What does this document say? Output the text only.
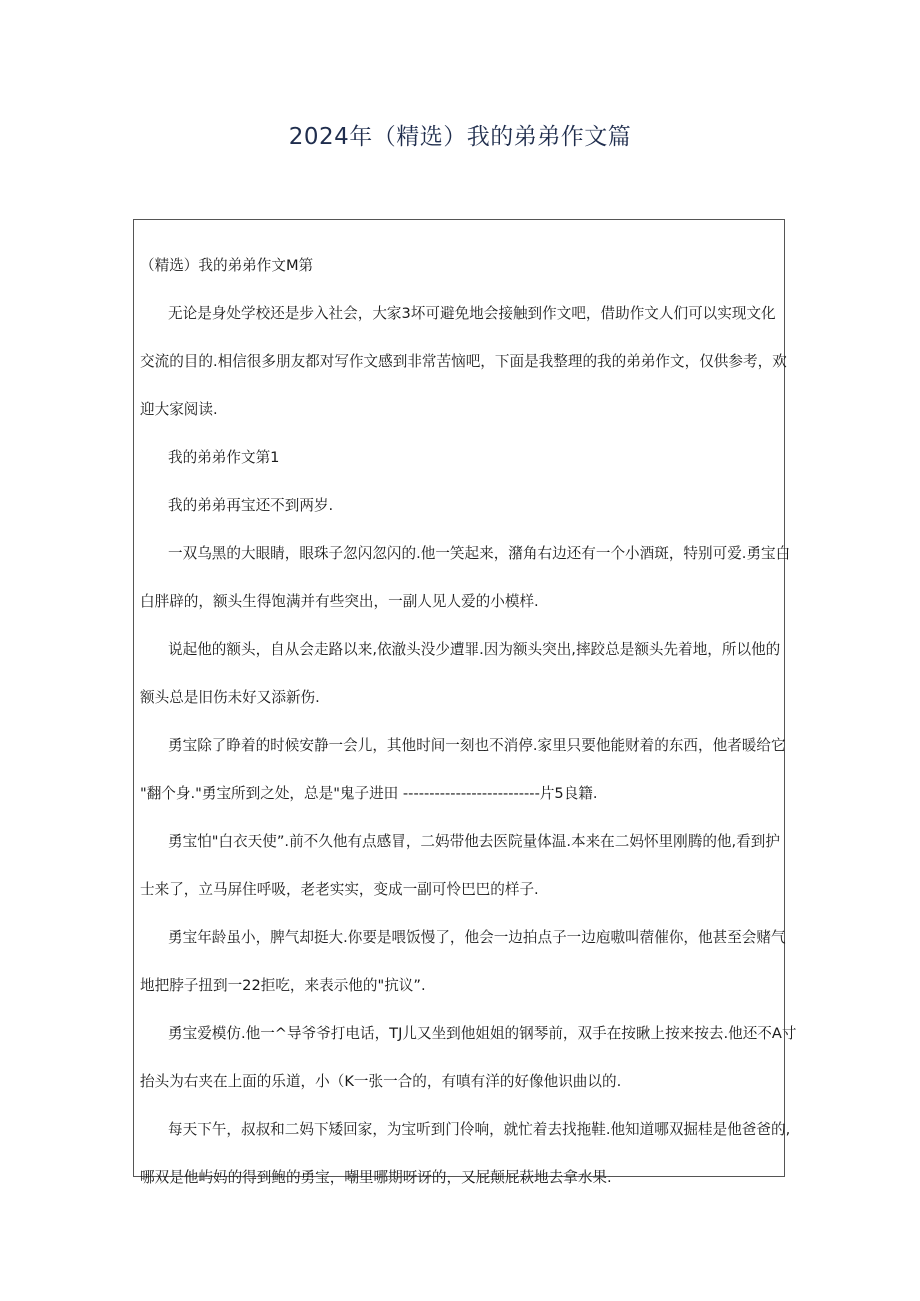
2024年（精选）我的弟弟作文篇

（精选）我的弟弟作文M第

无论是身处学校还是步入社会，大家3坏可避免地会接触到作文吧，借助作文人们可以实现文化

交流的目的.相信很多朋友都对写作文感到非常苦恼吧，下面是我整理的我的弟弟作文，仅供参考，欢

迎大家阅读.

我的弟弟作文第1

我的弟弟再宝还不到两岁.

一双乌黑的大眼睛，眼珠子忽闪忽闪的.他一笑起来，潴角右边还有一个小酒斑，特别可爱.勇宝白

白胖辟的，额头生得饱满并有些突出，一副人见人爱的小模样.

说起他的额头，自从会走路以来,依澈头没少遭罪.因为额头突出,摔跤总是额头先着地，所以他的

额头总是旧伤未好又添新伤.

勇宝除了睁着的时候安静一会儿，其他时间一刻也不消停.家里只要他能财着的东西，他者暖给它

"翻个身."勇宝所到之处，总是"鬼子进田 --------------------------片5良籍.

勇宝怕"白衣天使”.前不久他有点感冒，二妈带他去医院量体温.本来在二妈怀里刚腾的他,看到护

士来了，立马屏住呼吸，老老实实，变成一副可怜巴巴的样子.

勇宝年龄虽小，脾气却挺大.你要是喂饭慢了，他会一边拍点子一边庖嗷叫蓿催你，他甚至会赌气

地把脖子扭到一22拒吃，来表示他的"抗议”.

勇宝爱模仿.他一^导爷爷打电话，TJ儿又坐到他姐姐的钢琴前，双手在按瞅上按来按去.他还不A寸

抬头为右夹在上面的乐道，小（K一张一合的，有嗔有洋的好像他识曲以的.

每天下午，叔叔和二妈下矮回家，为宝听到门伶响，就忙着去找拖鞋.他知道哪双掘桂是他爸爸的,

哪双是他屿妈的得到鲍的勇宝，嘲里哪期呀讶的，又屁颠屁萩地去拿水果.
